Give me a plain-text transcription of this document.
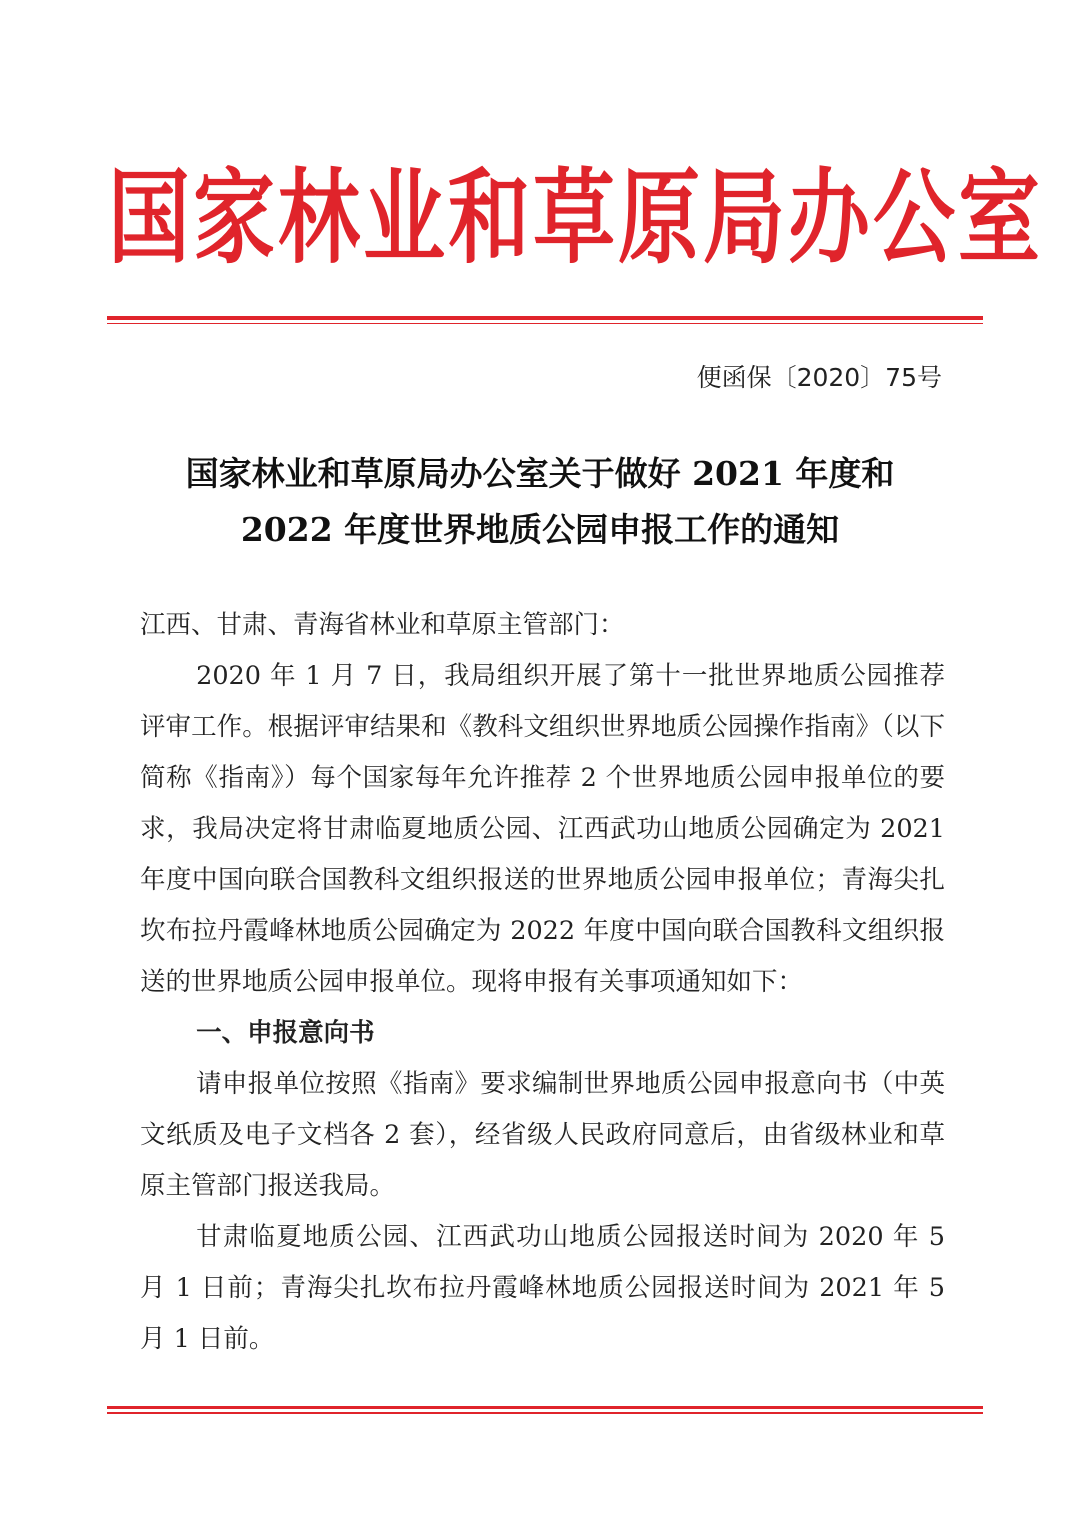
国家林业和草原局办公室
便函保〔2020〕75号
国家林业和草原局办公室关于做好 2021 年度和
2022 年度世界地质公园申报工作的通知

江西、甘肃、青海省林业和草原主管部门：

2020 年 1 月 7 日，我局组织开展了第十一批世界地质公园推荐评审工作。根据评审结果和《教科文组织世界地质公园操作指南》（以下简称《指南》）每个国家每年允许推荐 2 个世界地质公园申报单位的要求，我局决定将甘肃临夏地质公园、江西武功山地质公园确定为 2021 年度中国向联合国教科文组织报送的世界地质公园申报单位；青海尖扎坎布拉丹霞峰林地质公园确定为 2022 年度中国向联合国教科文组织报送的世界地质公园申报单位。现将申报有关事项通知如下：

一、申报意向书

请申报单位按照《指南》要求编制世界地质公园申报意向书（中英文纸质及电子文档各 2 套），经省级人民政府同意后，由省级林业和草原主管部门报送我局。

甘肃临夏地质公园、江西武功山地质公园报送时间为 2020 年 5 月 1 日前；青海尖扎坎布拉丹霞峰林地质公园报送时间为 2021 年 5 月 1 日前。
